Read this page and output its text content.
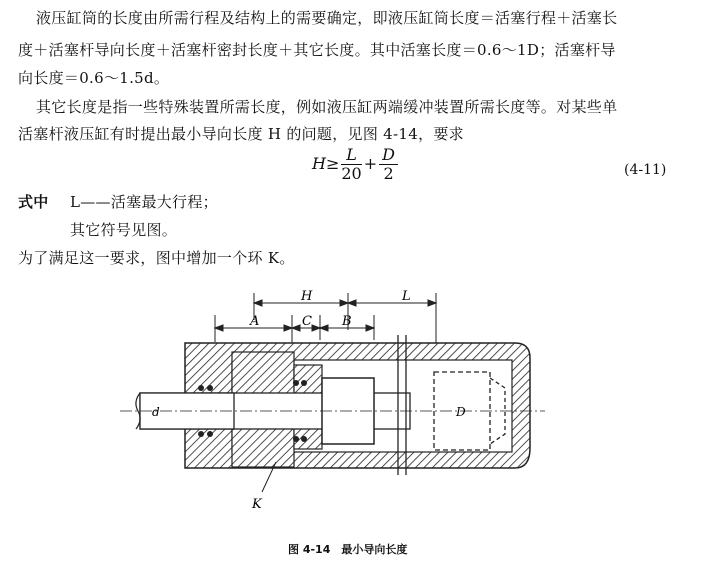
液压缸筒的长度由所需行程及结构上的需要确定，即液压缸筒长度＝活塞行程＋活塞长
度＋活塞杆导向长度＋活塞杆密封长度＋其它长度。其中活塞长度＝0.6～1D；活塞杆导
向长度＝0.6～1.5d。
其它长度是指一些特殊装置所需长度，例如液压缸两端缓冲装置所需长度等。对某些单
活塞杆液压缸有时提出最小导向长度 H 的问题，见图 4-14，要求
$H\ge \frac{L}{20} + \frac{D}{2}$	(4-11)
式中 L——活塞最大行程；
其它符号见图。
为了满足这一要求，图中增加一个环 K。
H	L
A	C B
d	D
K
图 4-14　最小导向长度
